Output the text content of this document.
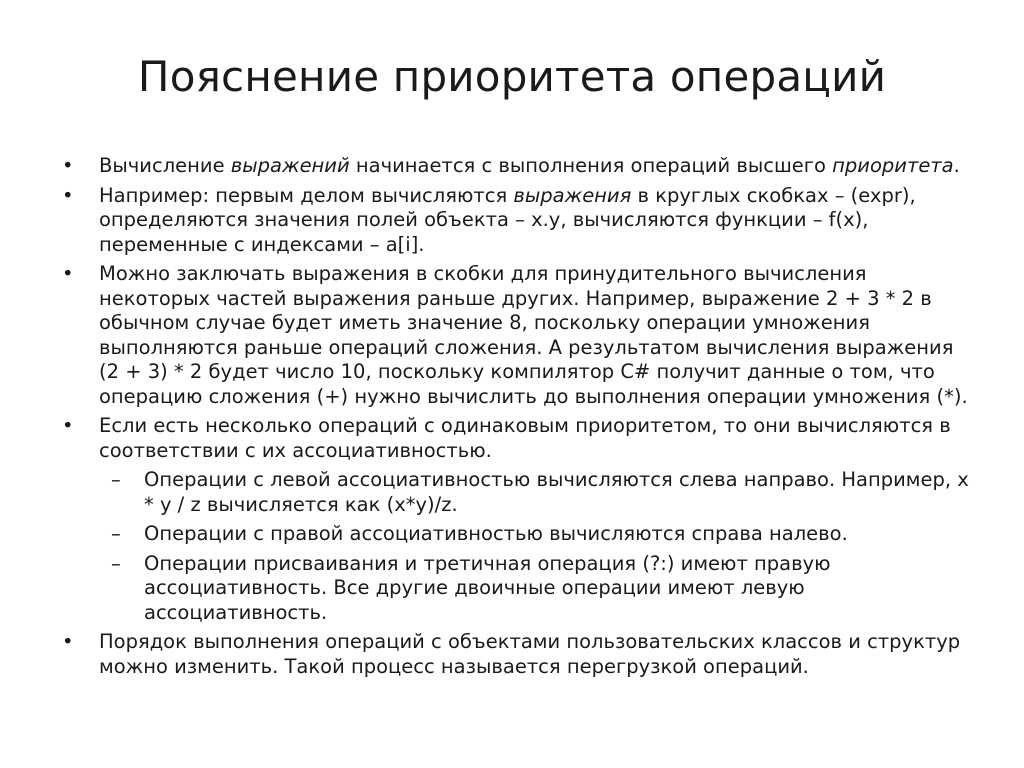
Пояснение приоритета операций
•	Вычисление выражений начинается с выполнения операций высшего приоритета.
•	Например: первым делом вычисляются выражения в круглых скобках – (expr), определяются значения полей объекта – x.y, вычисляются функции – f(x), переменные с индексами – a[i].
•	Можно заключать выражения в скобки для принудительного вычисления некоторых частей выражения раньше других. Например, выражение 2 + 3 * 2 в обычном случае будет иметь значение 8, поскольку операции умножения выполняются раньше операций сложения. А результатом вычисления выражения (2 + 3) * 2 будет число 10, поскольку компилятор C# получит данные о том, что операцию сложения (+) нужно вычислить до выполнения операции умножения (*).
•	Если есть несколько операций с одинаковым приоритетом, то они вычисляются в соответствии с их ассоциативностью.
– Операции с левой ассоциативностью вычисляются слева направо. Например, x * y / z вычисляется как (x*y)/z.
– Операции с правой ассоциативностью вычисляются справа налево.
– Операции присваивания и третичная операция (?:) имеют правую ассоциативность. Все другие двоичные операции имеют левую ассоциативность.
•	Порядок выполнения операций с объектами пользовательских классов и структур можно изменить. Такой процесс называется перегрузкой операций.
